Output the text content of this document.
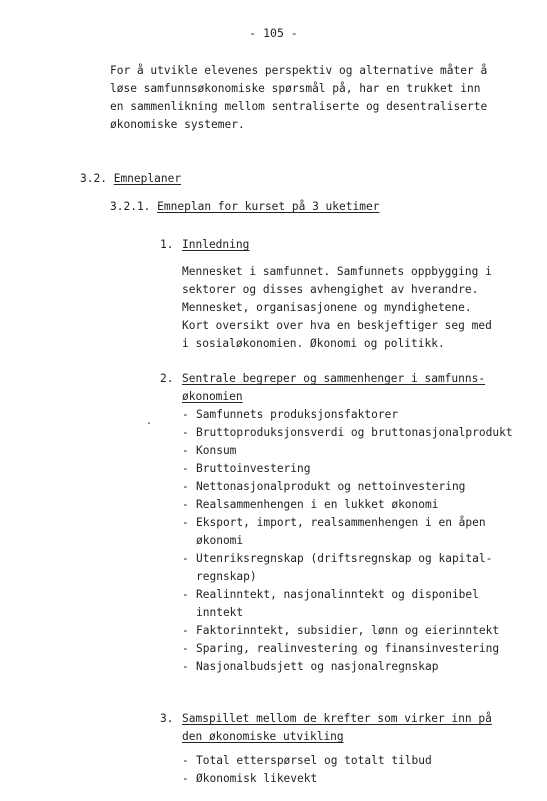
- 105 -
For å utvikle elevenes perspektiv og alternative måter å
løse samfunnsøkonomiske spørsmål på, har en trukket inn
en sammenlikning mellom sentraliserte og desentraliserte
økonomiske systemer.
3.2. Emneplaner
3.2.1. Emneplan for kurset på 3 uketimer
1. Innledning
Mennesket i samfunnet. Samfunnets oppbygging i
sektorer og disses avhengighet av hverandre.
Mennesket, organisasjonene og myndighetene.
Kort oversikt over hva en beskjeftiger seg med
i sosialøkonomien. Økonomi og politikk.
.
2. Sentrale begreper og sammenhenger i samfunns-
økonomien
- Samfunnets produksjonsfaktorer
- Bruttoproduksjonsverdi og bruttonasjonalprodukt
- Konsum
- Bruttoinvestering
- Nettonasjonalprodukt og nettoinvestering
- Realsammenhengen i en lukket økonomi
- Eksport, import, realsammenhengen i en åpen
økonomi
- Utenriksregnskap (driftsregnskap og kapital-
regnskap)
- Realinntekt, nasjonalinntekt og disponibel
inntekt
- Faktorinntekt, subsidier, lønn og eierinntekt
- Sparing, realinvestering og finansinvestering
- Nasjonalbudsjett og nasjonalregnskap
3. Samspillet mellom de krefter som virker inn på
den økonomiske utvikling
- Total etterspørsel og totalt tilbud
- Økonomisk likevekt
